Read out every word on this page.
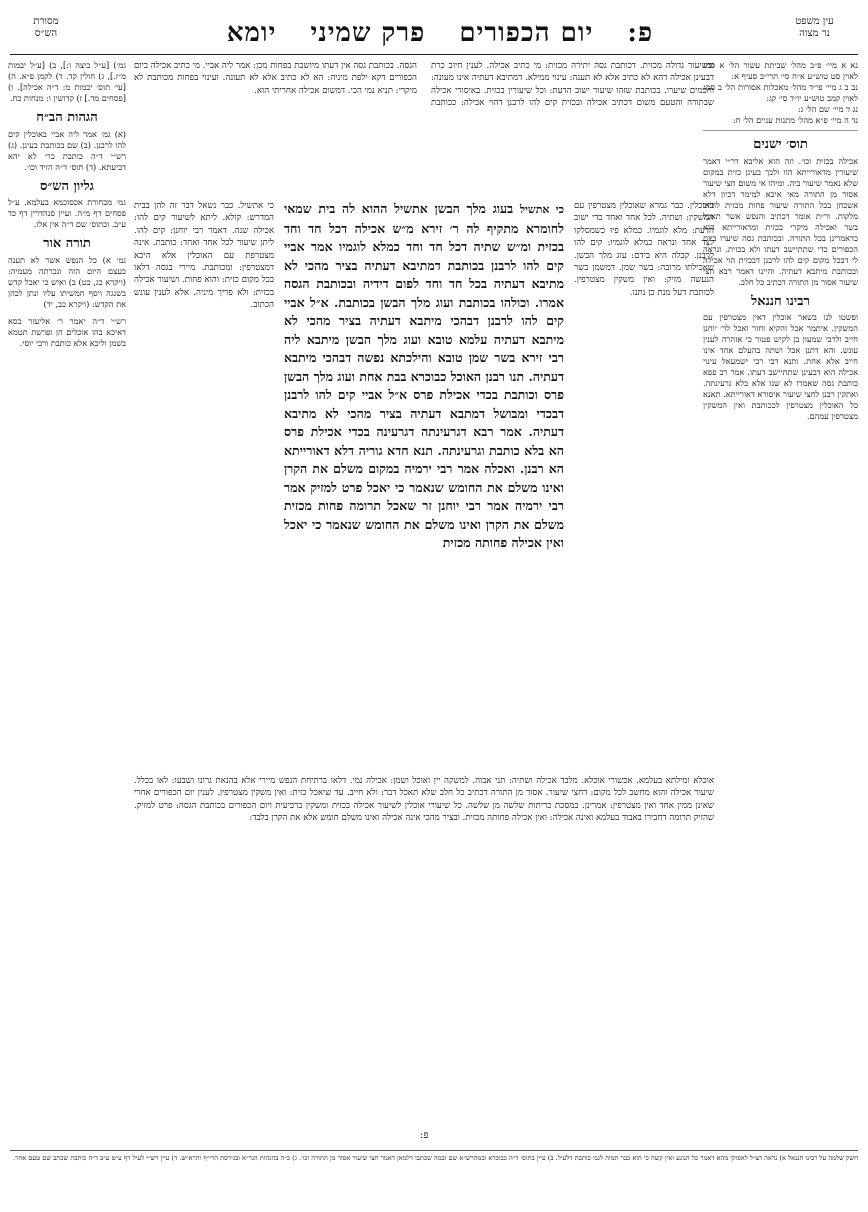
מסורת
הש״ס	פ: יום הכפורים פרק שמיני יומא	עין משפט
נר מצוה
נא א מיי׳ פ״ב מהל׳ שביתת עשור הל׳ א סמג לאוין סט טוש״ע א״ח סי׳ תרי״ב סעיף א:
נב ב ג מיי׳ פי״ד מהל׳ מאכלות אסורות הל׳ ב סמג לאוין קמב טוש״ע יו״ד סי׳ קג:
נג ד מיי׳ שם הל׳ ג:
נד ה מיי׳ פ״א מהל׳ מתנות עניים הל׳ ח:
תוס׳ ישנים
אכילה בכזית וכו׳. וזה הוא אליבא דר״י דאמר שיעורין מדאורייתא הוו ולכך בעינן כזית במקום שלא נאמר שיעור ביה. ומיהו אי משום חצי שיעור אסור מן התורה מאי איכא למימר דכיון דלא אשכחן בכל התורה שיעור פחות מכזית לחיוב מלקות. ור״ת אומר דכתיב והנפש אשר תאכל בשר ואכילה מיקרי בכזית ומדאורייתא הוא כדאמרינן בכל התורה. ובכותבת גסה שיערו ביום הכפורים כדי שתתיישב דעתו ולא בכזית. ונראה לי דבכל מקום קים להו לרבנן דבכזית הוי אכילה ובכותבת מיתבא דעתיה. והיינו דאמר רבא חצי שיעור אסור מן התורה דכתיב כל חלב.
רבינו חננאל
ופשטו לנו בשאר אוכלין דאין מצטרפין עם המשקין. איתמר אכל והקיא וחזר ואכל לר׳ יוחנן חייב ולרבי שמעון בן לקיש פטור כי אזהרה לענין עונש. והא דתנן אכל ושתה בהעלם אחד אינו חייב אלא אחת. ותנא דבי רבי ישמעאל עינוי אכילה הוא דבעינן שתתיישב דעתו. אמר רב פפא כותבת גסה שאמרו לא שנו אלא בלא גרעינתה. ואתקין רבנן לחצי שיעור איסורא דאורייתא. תאנא כל האוכלין מצטרפין לככותבת ואין המשקין מצטרפין עמהם.
גמ׳) [ע״ל ביצה ו:], ב) [ע״ל יבמות מ״ז.], ג) חולין קד. ד) לקמן פ״א. ה) [עי׳ תוס׳ יבמות מ: ד״ה אכילה]. ו) [פסחים מד.] ז) קדושין ו: מנחות כח.
הגהות הב״ח
(א) גמ׳ אמר ליה אביי באוכלין קים להו לרבנן. (ב) שם בכותבת בעינן. (ג) רש״י ד״ה כותבת כר׳ לא יהא דביעתא. (ד) תוס׳ ד״ה הזיד וכו׳.
גליון הש״ס
גמ׳ מבחורת אכסוכמא בעלמא. ע״ל פסחים דף מ״ה. ועיין סנהדרין דף כד ע״ב. ובתוס׳ שם ד״ה אין אלו.
תורה אור
גמ׳ א) כל הנפש אשר לא תענה בעצם היום הזה ונכרתה מעמיה: (ויקרא כג, כט) ב) ואיש כי יאכל קדש בשגגה ויסף חמשיתו עליו ונתן לכהן את הקדש: (ויקרא כב, יד)
רש״י ד״ה יאמר ר׳ אליעזר כסא דאיכא בהו אוכלים הן ופרשת תטמא בשמן וליכא אלא כותבת ורבי יוסי.
ובשיעור גדולה מכזית. דכותבת גסה יתירה מכזית: מי כתיב אכילה. לענין חיוב כרת דבעינן אכילה דהא לא כתיב אלא לא תענה: עינוי ממילא. דמתיבא דעתיה אינו מעונה: וחכמים שיערו. בכותבת שזהו שיעור ישוב הדעת: וכל שיעורין בכזית. באיסורי אכילה שבתורה והטעם משום דכתיב אכילה ובכזית קים להו לרבנן דהוי אכילה: ככותבת הגסה. בכותבת גסה אין דעתו מיושבת בפחות מכן: אמר ליה אביי. מי כתיב אכילה ביום הכפורים דקא ילפת מיניה: הא לא כתיב אלא לא תעונה. ועינוי בפחות מכותבת לא מיקרי: תניא נמי הכי. דמשום אכילה אחריתי הוא.
באוכלין. כבר גמרא שאוכלין מצטרפין עם המשקין: ושתיה. לכל אחד ואחד כדי ישוב הדעת: מלא לוגמיו. כמלא פיו כשמסלקו לצד אחד ונראה כמלא לוגמיו: קים להו לרבנן. קבלה היא בידם: עוג מלך הבשן. שאכילתו מרובה: בשר שמן. דמשמן בשר הנעשה מזיק: ואין משקין מצטרפין. לכותבת דעל מנת כן נתנו.
כי אתשיל בעוג מלך הבשן אתשיל ההוא לה בית שמאי לחומרא מתקיף לה ר׳ זירא מ״ש אכילה דכל חד וחד בכזית ומ״ש שתיה דכל חד וחד כמלא לוגמיו אמר אביי קים להו לרבנן בכותבת דמתיבא דעתיה בציר מהכי לא מתיבא דעתיה בכל חד וחד לפום דידיה ובכותבת הגסה אמרו. וכולהו בכותבת ועוג מלך הבשן בכותבת. א״ל אביי קים להו לרבנן דבהכי מיתבא דעתיה בציר מהכי לא מיתבא דעתיה עלמא טובא ועוג מלך הבשן מיתבא ליה רבי זירא בשר שמן טובא והילכתא נפשה דבהכי מיתבא דעתיה. תנו רבנן האוכל כבוכרא בבת אחת ועוג מלך הבשן פרס וכותבת בכדי אכילת פרס א״ל אביי קים להו לרבנן דבכדי ומבושל דמתבא דעתיה בציר מהכי לא מתיבא דעתיה. אמר רבא דגרעינתה דגרעינה בכדי אכילת פרס הא בלא כותבת וגרעינתה. תנא חדא גוריה דלא דאורייתא הא רבנן. ואכלה אמר רבי ירמיה במקום משלם את הקרן ואינו משלם את החומש שנאמר כי יאכל פרט למזיק אמר רבי ירמיה אמר רבי יוחנן זר שאכל תרומה פחות מכזית משלם את הקרן ואינו משלם את החומש שנאמר כי יאכל ואין אכילה פחותה מכזית
כי אתשיל. כבר נשאל דבר זה להן בבית המדרש: קולא. ליתא לשיעור קים להו: אכילה שנה. דאמר רבי יוחנן: קים להו. ליתן שיעור לכל אחד ואחד: כותבת. אינה מצטרפת עם האוכלין אלא היכא דמצטרפין: ומכותבת. מיירי בגסה דלאו בכל מקום כזית: והוא פחות. ושיעור אכילה בכזית: ולא פריך מיניה. אלא לענין עונש הכתוב.
אוכלא ומילתא בעלמא. אכשורי אוכלא. מלבד אכילה ושתיה: תני אבוה. למשקה יין ואוכל ושמן: אכילה נמי. דלאו ברתיחת הנפש מיירי אלא בהנאת גרונו ושבעו: לאו בכלל. שיעור אכילה והוא מחשב לכל מקום: דחצי שיעור. אסור מן התורה דכתיב כל חלב שלא תאכל דבר: ולא חייב. עד שיאכל כזית: ואין משקין מצטרפין. לענין יום הכפורים אחרי שאינן ממין אחד ואין מצטרפין: אמרינן. במסכת כריתות שלשה מן שלשה. כל שיעורי אוכלין לשיעור אכילה בכזית ומשקין ברביעית ויום הכפורים בכותבת הגסה: פרט למזיק. שהזיק תרומה דחבירו באבוד בעלמא ואינה אכילה: ואין אכילה פחותה מכזית. ובציר מהכי אינה אכילה ואינו משלם חומש אלא את הקרן בלבד:
פ:
חשק שלמה על רבינו חננאל א) נראה דצ״ל לאפוקי מהא דאמר כל הנוגע ואין קשה כי הוא כבר תמוה לגבי כותבת דלעיל. ב) עיין בתוס׳ ד״ה כבוכרא ובמהרש״א שם ובמה שכתבו דלמאן דאמר חצי שיעור אסור מן התורה וכו׳. ג) כ״ה בהגהות הגר״א ובגירסת הרי״ף והרא״ש. ד) עיין רש״י לעיל דף ע״ט ע״ב ד״ה כותבת שכתב שם טעם אחר.
